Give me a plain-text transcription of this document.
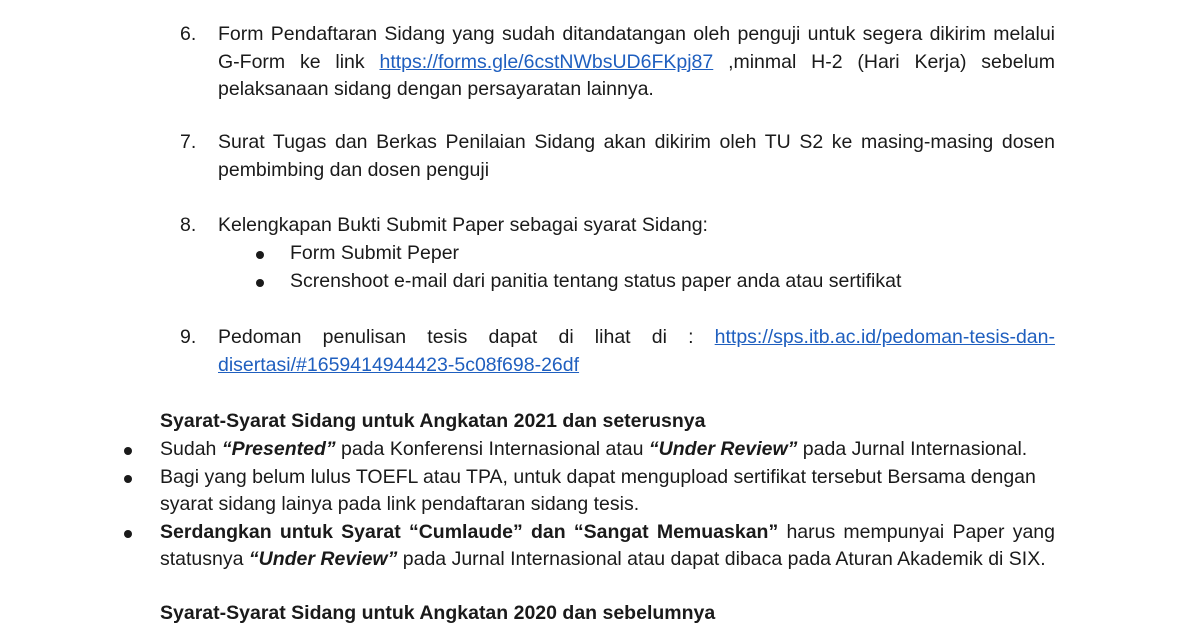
6.	Form Pendaftaran Sidang yang sudah ditandatangan oleh penguji untuk segera dikirim melalui G-Form ke link https://forms.gle/6cstNWbsUD6FKpj87 ,minmal H-2 (Hari Kerja) sebelum pelaksanaan sidang dengan persayaratan lainnya.
7.	Surat Tugas dan Berkas Penilaian Sidang akan dikirim oleh TU S2 ke masing-masing dosen pembimbing dan dosen penguji
8.	Kelengkapan Bukti Submit Paper sebagai syarat Sidang:
Form Submit Peper
Screnshoot e-mail dari panitia tentang status paper anda atau sertifikat
9.	Pedoman penulisan tesis dapat di lihat di : https://sps.itb.ac.id/pedoman-tesis-dan-disertasi/#1659414944423-5c08f698-26df
Syarat-Syarat Sidang untuk Angkatan 2021 dan seterusnya
Sudah “Presented” pada Konferensi Internasional atau “Under Review” pada Jurnal Internasional.
Bagi yang belum lulus TOEFL atau TPA, untuk dapat mengupload sertifikat tersebut Bersama dengan syarat sidang lainya pada link pendaftaran sidang tesis.
Serdangkan untuk Syarat “Cumlaude” dan “Sangat Memuaskan” harus mempunyai Paper yang statusnya “Under Review” pada Jurnal Internasional atau dapat dibaca pada Aturan Akademik di SIX.
Syarat-Syarat Sidang untuk Angkatan 2020 dan sebelumnya
